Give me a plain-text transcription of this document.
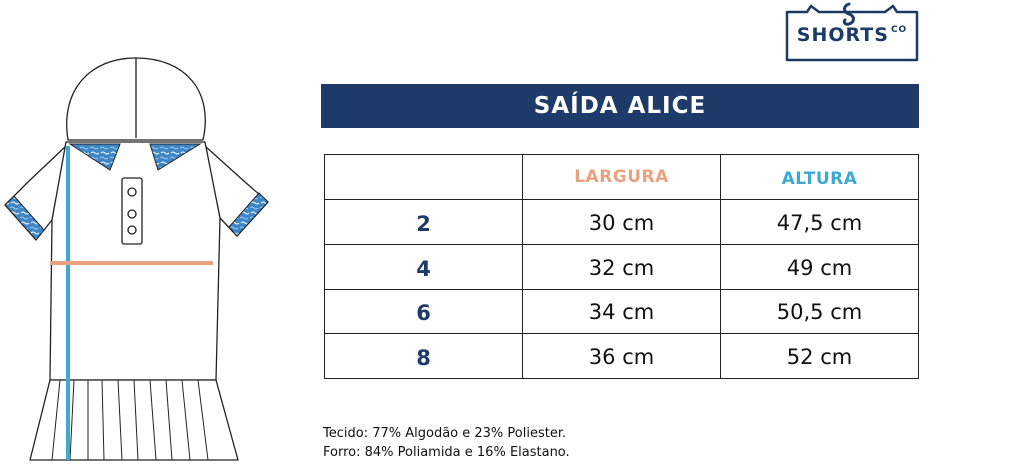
SHORTS $^{CO}$
SAÍDA ALICE
	LARGURA	ALTURA
2	30 cm	47,5 cm
4	32 cm	49 cm
6	34 cm	50,5 cm
8	36 cm	52 cm
Tecido: 77% Algodão e 23% Poliester.
Forro: 84% Poliamida e 16% Elastano.
